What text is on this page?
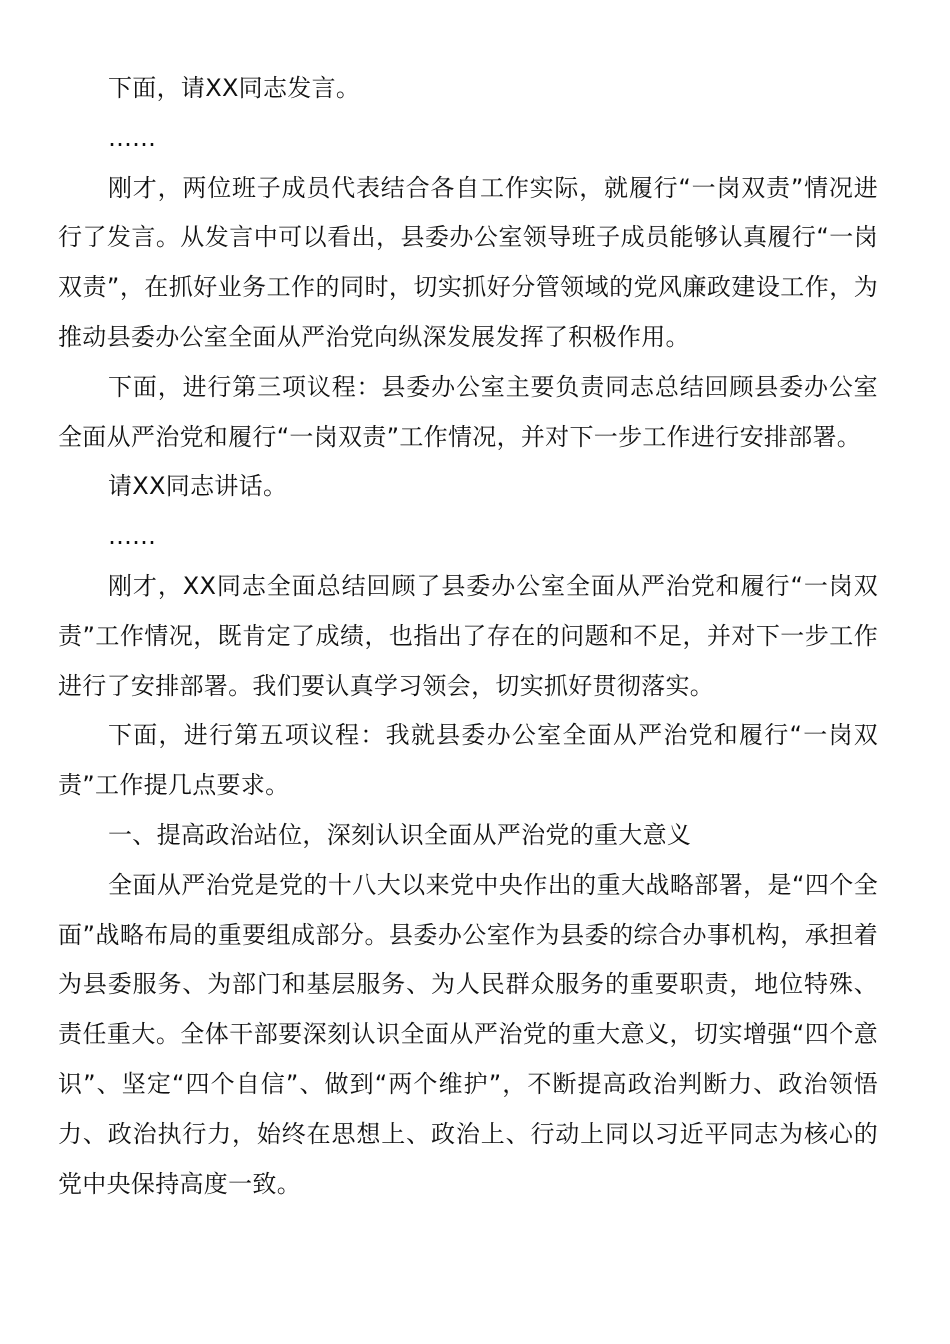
下面，请XX同志发言。

……

刚才，两位班子成员代表结合各自工作实际，就履行“一岗双责”情况进行了发言。从发言中可以看出，县委办公室领导班子成员能够认真履行“一岗双责”，在抓好业务工作的同时，切实抓好分管领域的党风廉政建设工作，为推动县委办公室全面从严治党向纵深发展发挥了积极作用。

下面，进行第三项议程：县委办公室主要负责同志总结回顾县委办公室全面从严治党和履行“一岗双责”工作情况，并对下一步工作进行安排部署。

请XX同志讲话。

……

刚才，XX同志全面总结回顾了县委办公室全面从严治党和履行“一岗双责”工作情况，既肯定了成绩，也指出了存在的问题和不足，并对下一步工作进行了安排部署。我们要认真学习领会，切实抓好贯彻落实。

下面，进行第五项议程：我就县委办公室全面从严治党和履行“一岗双责”工作提几点要求。

一、提高政治站位，深刻认识全面从严治党的重大意义

全面从严治党是党的十八大以来党中央作出的重大战略部署，是“四个全面”战略布局的重要组成部分。县委办公室作为县委的综合办事机构，承担着为县委服务、为部门和基层服务、为人民群众服务的重要职责，地位特殊、责任重大。全体干部要深刻认识全面从严治党的重大意义，切实增强“四个意识”、坚定“四个自信”、做到“两个维护”，不断提高政治判断力、政治领悟力、政治执行力，始终在思想上、政治上、行动上同以习近平同志为核心的党中央保持高度一致。
